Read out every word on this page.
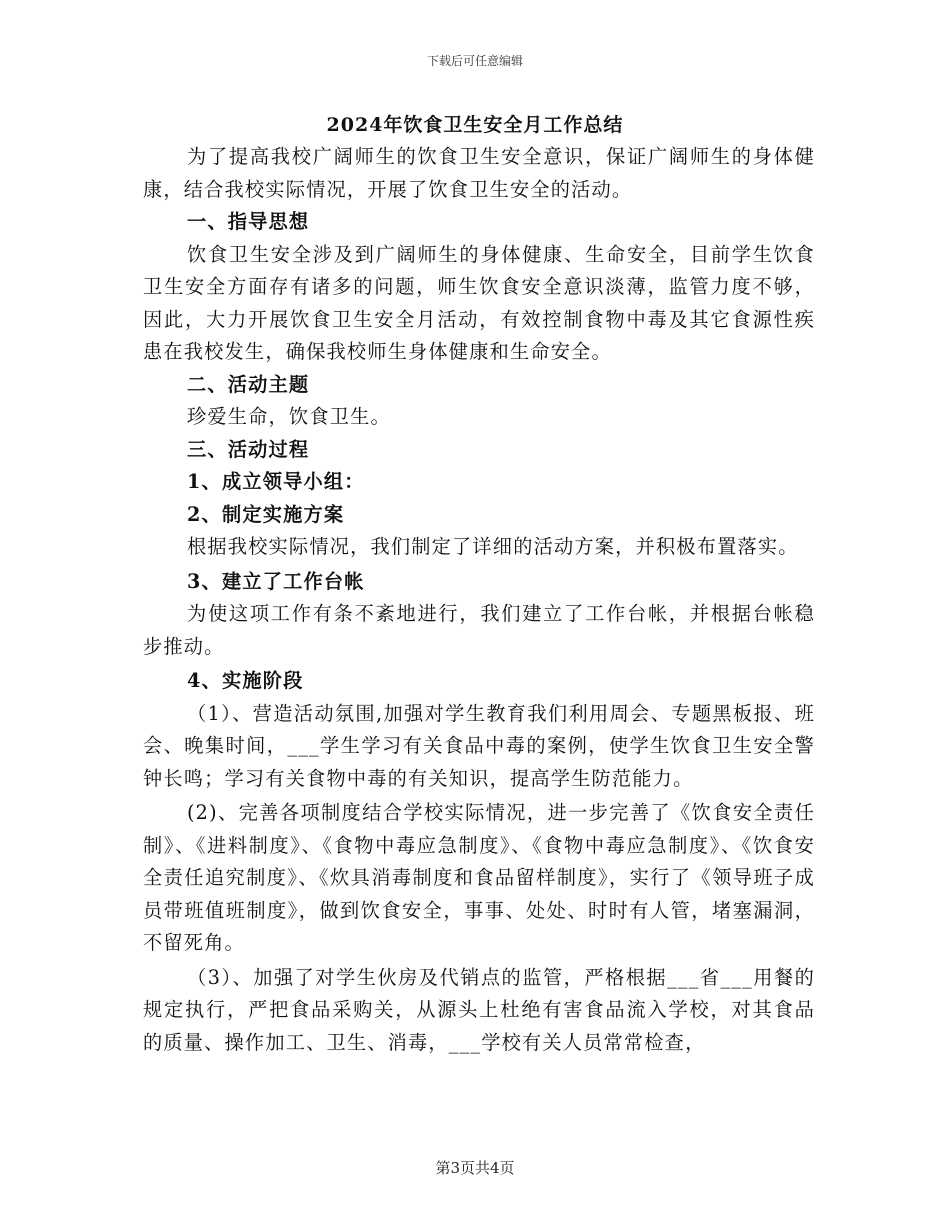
下载后可任意编辑
2024年饮食卫生安全月工作总结

为了提高我校广阔师生的饮食卫生安全意识，保证广阔师生的身体健康，结合我校实际情况，开展了饮食卫生安全的活动。

一、指导思想

饮食卫生安全涉及到广阔师生的身体健康、生命安全，目前学生饮食卫生安全方面存有诸多的问题，师生饮食安全意识淡薄，监管力度不够，因此，大力开展饮食卫生安全月活动，有效控制食物中毒及其它食源性疾患在我校发生，确保我校师生身体健康和生命安全。

二、活动主题

珍爱生命，饮食卫生。

三、活动过程

1、成立领导小组：

2、制定实施方案

根据我校实际情况，我们制定了详细的活动方案，并积极布置落实。

3、建立了工作台帐

为使这项工作有条不紊地进行，我们建立了工作台帐，并根据台帐稳步推动。

4、实施阶段

（1）、营造活动氛围,加强对学生教育我们利用周会、专题黑板报、班会、晚集时间，___学生学习有关食品中毒的案例，使学生饮食卫生安全警钟长鸣；学习有关食物中毒的有关知识，提高学生防范能力。

(2)、完善各项制度结合学校实际情况，进一步完善了《饮食安全责任制》、《进料制度》、《食物中毒应急制度》、《食物中毒应急制度》、《饮食安全责任追究制度》、《炊具消毒制度和食品留样制度》，实行了《领导班子成员带班值班制度》，做到饮食安全，事事、处处、时时有人管，堵塞漏洞，不留死角。

（3）、加强了对学生伙房及代销点的监管，严格根据___省___用餐的规定执行，严把食品采购关，从源头上杜绝有害食品流入学校，对其食品的质量、操作加工、卫生、消毒，___学校有关人员常常检查，

第3页共4页
